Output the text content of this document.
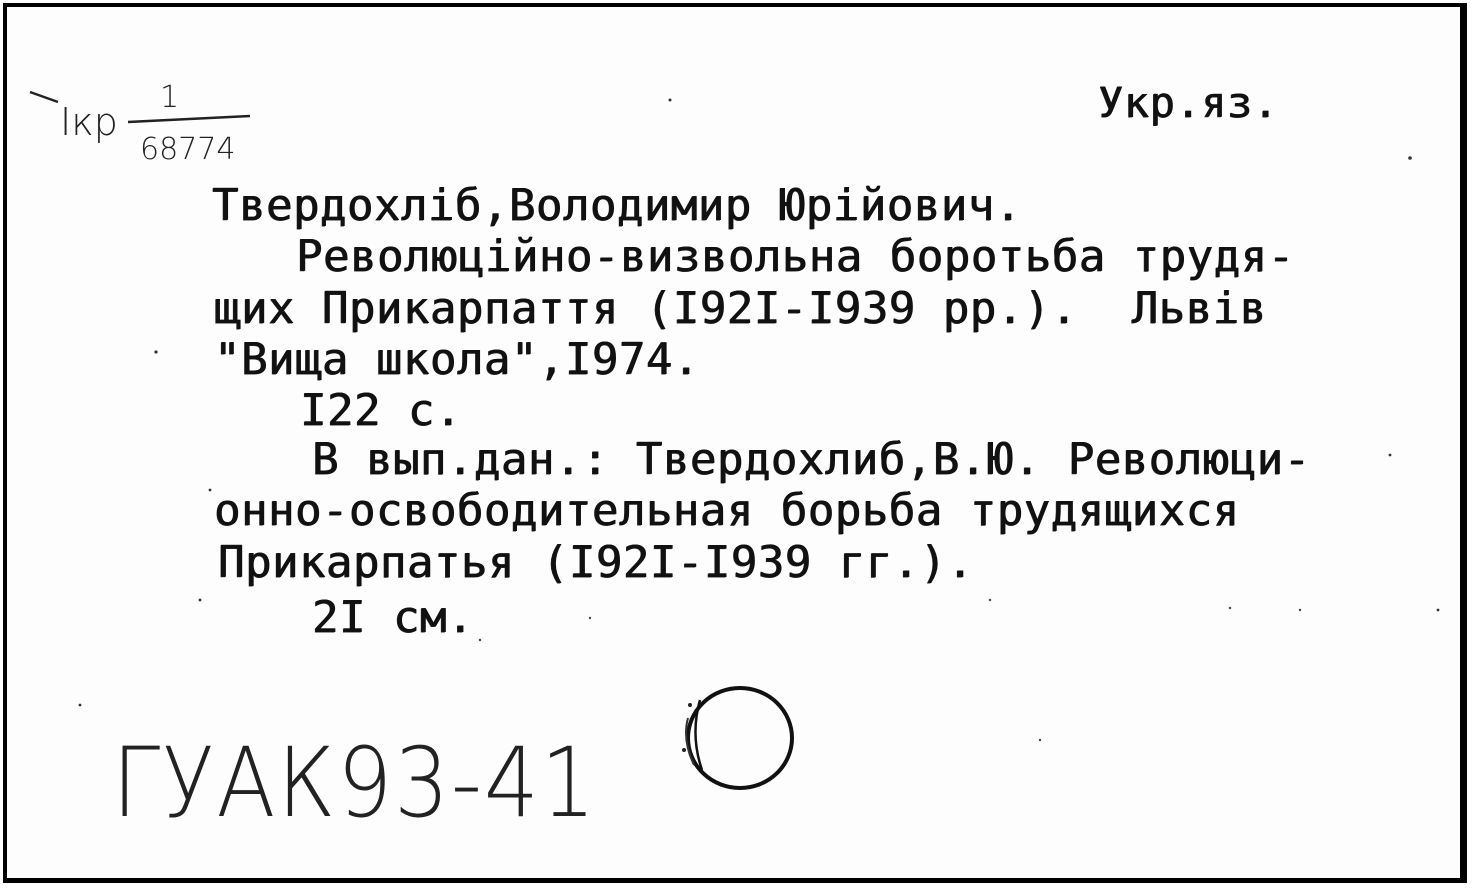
Ікр
1
68774
Укр.яз.
Твердохліб,Володимир Юрійович.
Революційно-визвольна боротьба трудя-
щих Прикарпаття (I92I-I939 рр.).  Львів
"Вища школа",I974.
I22 с.
В вып.дан.: Твердохлиб,В.Ю. Революци-
онно-освободительная борьба трудящихся
Прикарпатья (I92I-I939 гг.).
2I см.
ГУАК93-41
